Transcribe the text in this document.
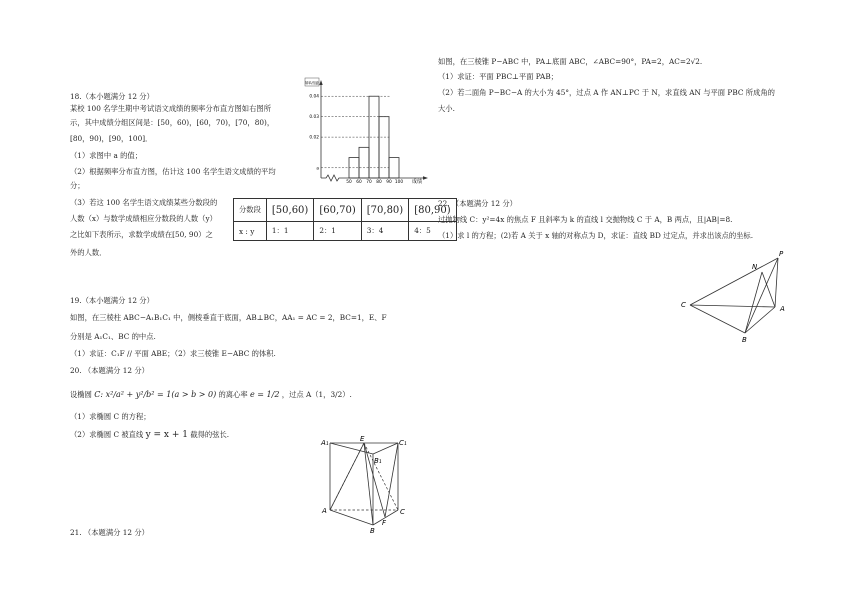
18.（本小题满分 12 分）
某校 100 名学生期中考试语文成绩的频率分布直方图如右图所
示，其中成绩分组区间是：[50，60)，[60，70)，[70，80)，
[80，90)，[90，100]．
（1）求图中 a 的值；
（2）根据频率分布直方图，估计这 100 名学生语文成绩的平均
分；
（3）若这 100 名学生语文成绩某些分数段的
人数（x）与数学成绩相应分数段的人数（y）
之比如下表所示，求数学成绩在[50, 90）之
外的人数．
分数段	[50,60)	[60,70)	[70,80)	[80,90)
x : y	1：1	2：1	3：4	4：5
频率/组距
成绩
0.04
0.03
0.02
a
50 60 70 80 90 100
19.（本小题满分 12 分）
如图，在三棱柱 ABC−A₁B₁C₁ 中，侧棱垂直于底面，AB⊥BC，AA₁ = AC = 2，BC=1，E、F
分别是 A₁C₁、BC 的中点.
（1）求证：C₁F // 平面 ABE；（2）求三棱锥 E−ABC 的体积.
20. （本题满分 12 分）
设椭圆 C: x²/a² + y²/b² = 1(a > b > 0) 的离心率 e = 1/2 ，过点 A（1，3/2）.
（1）求椭圆 C 的方程；
（2）求椭圆 C 被直线 y = x + 1 截得的弦长.
A₁	E	C₁
B₁
A	C
B
F
21. （本题满分 12 分）
如图，在三棱锥 P−ABC 中，PA⊥底面 ABC，∠ABC=90°，PA=2，AC=2√2.
（1）求证：平面 PBC⊥平面 PAB；
（2）若二面角 P−BC−A 的大小为 45°，过点 A 作 AN⊥PC 于 N，求直线 AN 与平面 PBC 所成角的
大小.
22. （本题满分 12 分）
过抛物线 C：y²=4x 的焦点 F 且斜率为 k 的直线 l 交抛物线 C 于 A，B 两点，且|AB|=8.
（1）求 l 的方程；(2)若 A 关于 x 轴的对称点为 D，求证：直线 BD 过定点，并求出该点的坐标.
P
N
C	A
B
